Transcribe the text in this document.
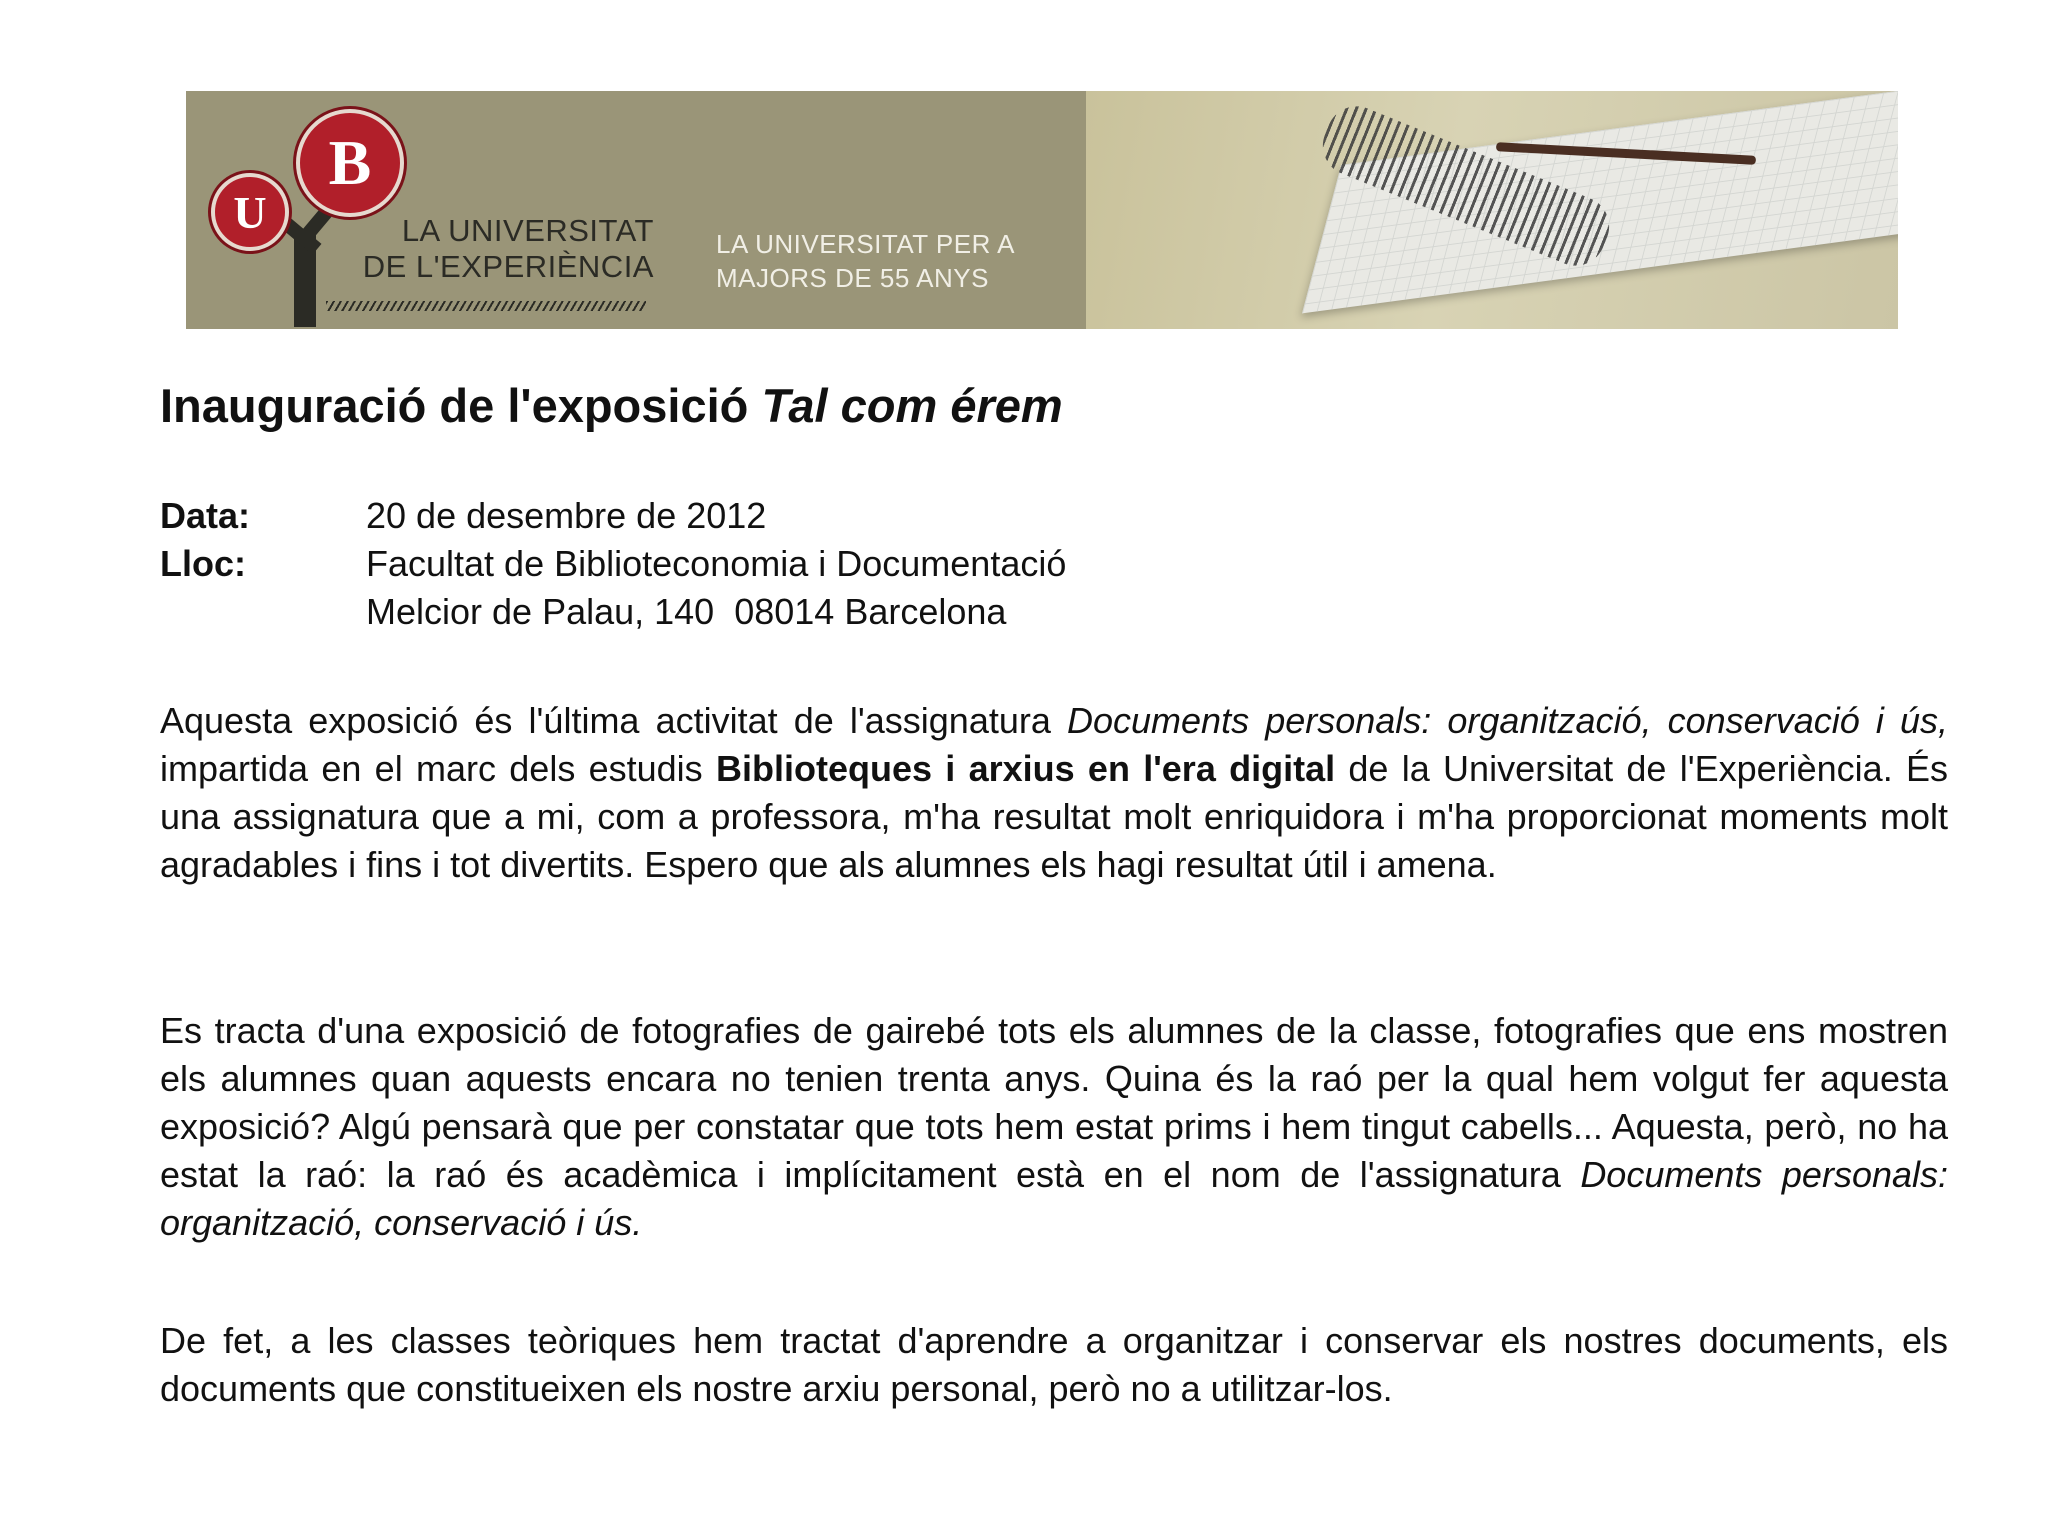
U
B
LA UNIVERSITAT
DE L'EXPERIÈNCIA
LA UNIVERSITAT PER A
MAJORS DE 55 ANYS
Inauguració de l'exposició Tal com érem
Data:	20 de desembre de 2012
Lloc:	Facultat de Biblioteconomia i Documentació
Melcior de Palau, 140  08014 Barcelona

Aquesta exposició és l'última activitat de l'assignatura Documents personals: organització, conservació i ús, impartida en el marc dels estudis Biblioteques i arxius en l'era digital de la Universitat de l'Experiència. És una assignatura que a mi, com a professora, m'ha resultat molt enriquidora i m'ha proporcionat moments molt agradables i fins i tot divertits. Espero que als alumnes els hagi resultat útil i amena.

Es tracta d'una exposició de fotografies de gairebé tots els alumnes de la classe, fotografies que ens mostren els alumnes quan aquests encara no tenien trenta anys. Quina és la raó per la qual hem volgut fer aquesta exposició? Algú pensarà que per constatar que tots hem estat prims i hem tingut cabells... Aquesta, però, no ha estat la raó: la raó és acadèmica i implícitament està en el nom de l'assignatura Documents personals: organització, conservació i ús.

De fet, a les classes teòriques hem tractat d'aprendre a organitzar i conservar els nostres documents, els documents que constitueixen els nostre arxiu personal, però no a utilitzar-los.
